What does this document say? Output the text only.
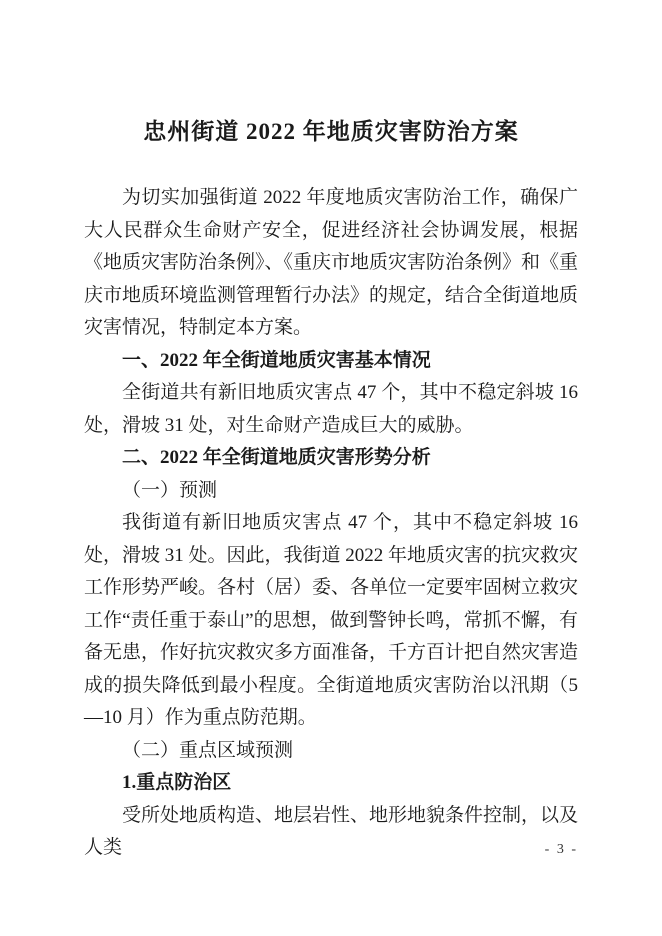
忠州街道 2022 年地质灾害防治方案

为切实加强街道 2022 年度地质灾害防治工作，确保广大人民群众生命财产安全，促进经济社会协调发展，根据《地质灾害防治条例》、《重庆市地质灾害防治条例》和《重庆市地质环境监测管理暂行办法》的规定，结合全街道地质灾害情况，特制定本方案。

一、2022 年全街道地质灾害基本情况

全街道共有新旧地质灾害点 47 个，其中不稳定斜坡 16 处，滑坡 31 处，对生命财产造成巨大的威胁。

二、2022 年全街道地质灾害形势分析

（一）预测

我街道有新旧地质灾害点 47 个，其中不稳定斜坡 16 处，滑坡 31 处。因此，我街道 2022 年地质灾害的抗灾救灾工作形势严峻。各村（居）委、各单位一定要牢固树立救灾工作“责任重于泰山”的思想，做到警钟长鸣，常抓不懈，有备无患，作好抗灾救灾多方面准备，千方百计把自然灾害造成的损失降低到最小程度。全街道地质灾害防治以汛期（5—10 月）作为重点防范期。

（二）重点区域预测

1.重点防治区

受所处地质构造、地层岩性、地形地貌条件控制，以及人类	- 3 -
